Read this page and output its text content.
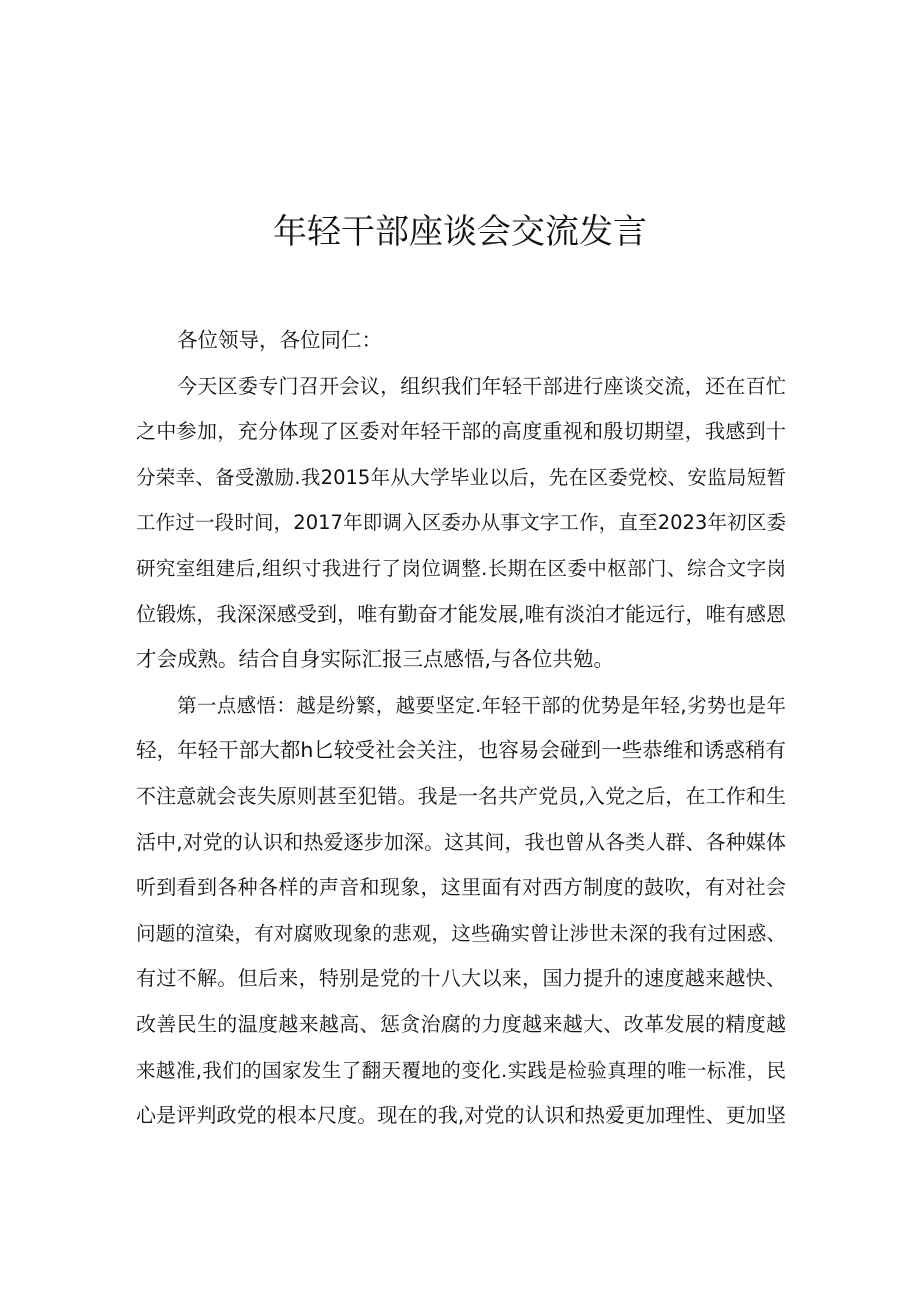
年轻干部座谈会交流发言
各位领导，各位同仁：
今天区委专门召开会议，组织我们年轻干部进行座谈交流，还在百忙
之中参加，充分体现了区委对年轻干部的高度重视和殷切期望，我感到十
分荣幸、备受激励.我2015年从大学毕业以后，先在区委党校、安监局短暂
工作过一段时间，2017年即调入区委办从事文字工作，直至2023年初区委
研究室组建后,组织寸我进行了岗位调整.长期在区委中枢部门、综合文字岗
位锻炼，我深深感受到，唯有勤奋才能发展,唯有淡泊才能远行，唯有感恩
才会成熟。结合自身实际汇报三点感悟,与各位共勉。
第一点感悟：越是纷繁，越要坚定.年轻干部的优势是年轻,劣势也是年
轻，年轻干部大都h匕较受社会关注，也容易会碰到一些恭维和诱惑稍有
不注意就会丧失原则甚至犯错。我是一名共产党员,入党之后，在工作和生
活中,对党的认识和热爱逐步加深。这其间，我也曾从各类人群、各种媒体
听到看到各种各样的声音和现象，这里面有对西方制度的鼓吹，有对社会
问题的渲染，有对腐败现象的悲观，这些确实曾让涉世未深的我有过困惑、
有过不解。但后来，特别是党的十八大以来，国力提升的速度越来越快、
改善民生的温度越来越高、惩贪治腐的力度越来越大、改革发展的精度越
来越准,我们的国家发生了翻天覆地的变化.实践是检验真理的唯一标准，民
心是评判政党的根本尺度。现在的我,对党的认识和热爱更加理性、更加坚
